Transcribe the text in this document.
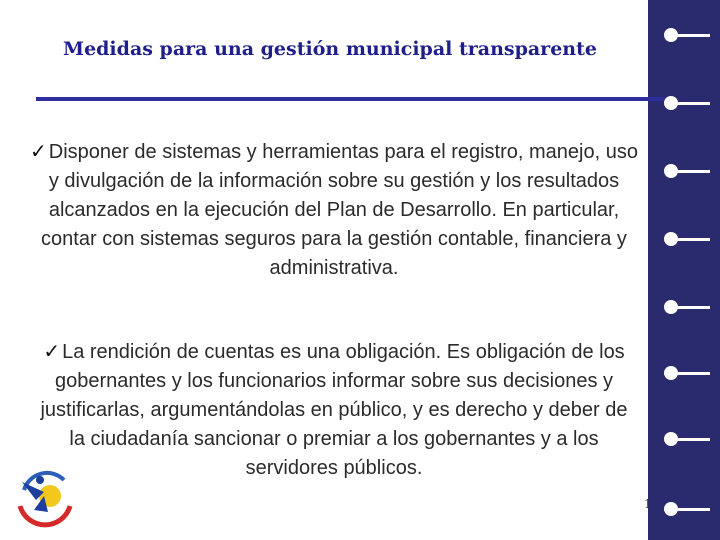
Medidas para una gestión municipal transparente
✓ Disponer de sistemas y herramientas para el registro, manejo, uso y divulgación de la información sobre su gestión y los resultados alcanzados en la ejecución del Plan de Desarrollo. En particular, contar con sistemas seguros para la gestión contable, financiera y administrativa.
✓ La rendición de cuentas es una obligación. Es obligación de los gobernantes y los funcionarios informar sobre sus decisiones y justificarlas, argumentándolas en público, y es derecho y deber de la ciudadanía sancionar o premiar a los gobernantes y a los servidores públicos.
1
